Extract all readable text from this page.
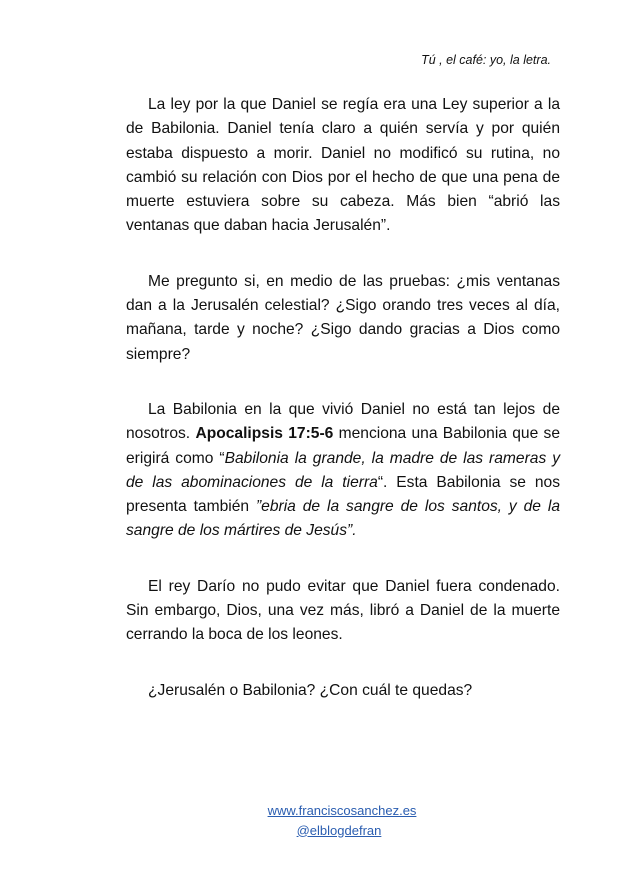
Tú , el café: yo, la letra.

La ley por la que Daniel se regía era una Ley superior a la de Babilonia. Daniel tenía claro a quién servía y por quién estaba dispuesto a morir. Daniel no modificó su rutina, no cambió su relación con Dios por el hecho de que una pena de muerte estuviera sobre su cabeza. Más bien “abrió las ventanas que daban hacia Jerusalén”.

Me pregunto si, en medio de las pruebas: ¿mis ventanas dan a la Jerusalén celestial? ¿Sigo orando tres veces al día, mañana, tarde y noche? ¿Sigo dando gracias a Dios como siempre?

La Babilonia en la que vivió Daniel no está tan lejos de nosotros. Apocalipsis 17:5-6 menciona una Babilonia que se erigirá como “Babilonia la grande, la madre de las rameras y de las abominaciones de la tierra“. Esta Babilonia se nos presenta también ”ebria de la sangre de los santos, y de la sangre de los mártires de Jesús”.

El rey Darío no pudo evitar que Daniel fuera condenado. Sin embargo, Dios, una vez más, libró a Daniel de la muerte cerrando la boca de los leones.

¿Jerusalén o Babilonia? ¿Con cuál te quedas?

www.franciscosanchez.es
@elblogdefran
